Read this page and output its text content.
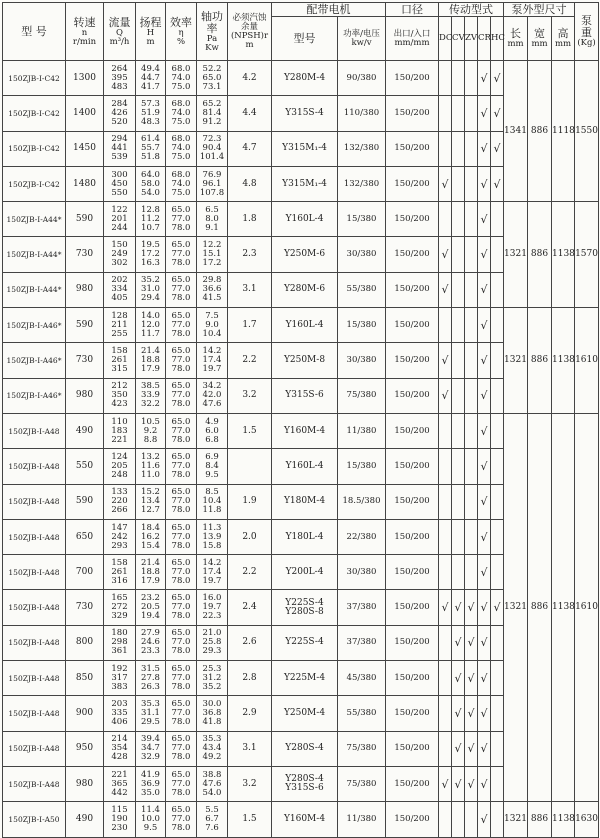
型 号	转速
n
r/min	流量
Q
m³/h	扬程
H
m	效率
η
%	轴功率
Pa
Kw	必须汽蚀
余量
(NPSH)r
m	配带电机		口径	传动型式					泵外型尺寸			泵
重
(Kg)

							型号	功率/电压
kw/v	出口/入口
mm/mm	DC	CV	ZV	CR	HC	长
mm	宽
mm	高
mm	

150ZJB-I-C42	1300	264
395
483	49.4
44.7
41.7	68.0
74.0
75.0	52.2
65.0
73.1	4.2	Y280M-4	90/380	150/200				√	√	1341	886	1118	1550
150ZJB-I-C42	1400	284
426
520	57.3
51.9
48.3	68.0
74.0
75.0	65.2
81.4
91.2	4.4	Y315S-4	110/380	150/200				√	√				
150ZJB-I-C42	1450	294
441
539	61.4
55.7
51.8	68.0
74.0
75.0	72.3
90.4
101.4	4.7	Y315M₁-4	132/380	150/200				√	√				
150ZJB-I-C42	1480	300
450
550	64.0
58.0
54.0	68.0
74.0
75.0	76.9
96.1
107.8	4.8	Y315M₁-4	132/380	150/200	√			√	√				
150ZJB-I-A44*	590	122
201
244	12.8
11.2
10.7	65.0
77.0
78.0	6.5
8.0
9.1	1.8	Y160L-4	15/380	150/200				√		1321	886	1138	1570
150ZJB-I-A44*	730	150
249
302	19.5
17.2
16.3	65.0
77.0
78.0	12.2
15.1
17.2	2.3	Y250M-6	30/380	150/200	√			√					
150ZJB-I-A44*	980	202
334
405	35.2
31.0
29.4	65.0
77.0
78.0	29.8
36.6
41.5	3.1	Y280M-6	55/380	150/200	√			√					
150ZJB-I-A46*	590	128
211
255	14.0
12.0
11.7	65.0
77.0
78.0	7.5
9.0
10.4	1.7	Y160L-4	15/380	150/200				√		1321	886	1138	1610
150ZJB-I-A46*	730	158
261
315	21.4
18.8
17.9	65.0
77.0
78.0	14.2
17.4
19.7	2.2	Y250M-8	30/380	150/200	√			√					
150ZJB-I-A46*	980	212
350
423	38.5
33.9
32.2	65.0
77.0
78.0	34.2
42.0
47.6	3.2	Y315S-6	75/380	150/200	√			√					
150ZJB-I-A48	490	110
183
221	10.5
9.2
8.8	65.0
77.0
78.0	4.9
6.0
6.8	1.5	Y160M-4	11/380	150/200				√		1321	886	1138	1610
150ZJB-I-A48	550	124
205
248	13.2
11.6
11.0	65.0
77.0
78.0	6.9
8.4
9.5		Y160L-4	15/380	150/200				√					
150ZJB-I-A48	590	133
220
266	15.2
13.4
12.7	65.0
77.0
78.0	8.5
10.4
11.8	1.9	Y180M-4	18.5/380	150/200				√					
150ZJB-I-A48	650	147
242
293	18.4
16.2
15.4	65.0
77.0
78.0	11.3
13.9
15.8	2.0	Y180L-4	22/380	150/200				√					
150ZJB-I-A48	700	158
261
316	21.4
18.8
17.9	65.0
77.0
78.0	14.2
17.4
19.7	2.2	Y200L-4	30/380	150/200				√					
150ZJB-I-A48	730	165
272
329	23.2
20.5
19.4	65.0
77.0
78.0	16.0
19.7
22.3	2.4	Y225S-4
Y280S-8	37/380	150/200	√	√	√	√	√				
150ZJB-I-A48	800	180
298
361	27.9
24.6
23.3	65.0
77.0
78.0	21.0
25.8
29.3	2.6	Y225S-4	37/380	150/200		√	√	√					
150ZJB-I-A48	850	192
317
383	31.5
27.8
26.3	65.0
77.0
78.0	25.3
31.2
35.2	2.8	Y225M-4	45/380	150/200		√	√	√					
150ZJB-I-A48	900	203
335
406	35.3
31.1
29.5	65.0
77.0
78.0	30.0
36.8
41.8	2.9	Y250M-4	55/380	150/200		√	√	√					
150ZJB-I-A48	950	214
354
428	39.4
34.7
32.9	65.0
77.0
78.0	35.3
43.4
49.2	3.1	Y280S-4	75/380	150/200		√	√	√					
150ZJB-I-A48	980	221
365
442	41.9
36.9
35.0	65.0
77.0
78.0	38.8
47.6
54.0	3.2	Y280S-4
Y315S-6	75/380	150/200	√	√	√	√					
150ZJB-I-A50	490	115
190
230	11.4
10.0
9.5	65.0
77.0
78.0	5.5
6.7
7.6	1.5	Y160M-4	11/380	150/200				√		1321	886	1138	1630
